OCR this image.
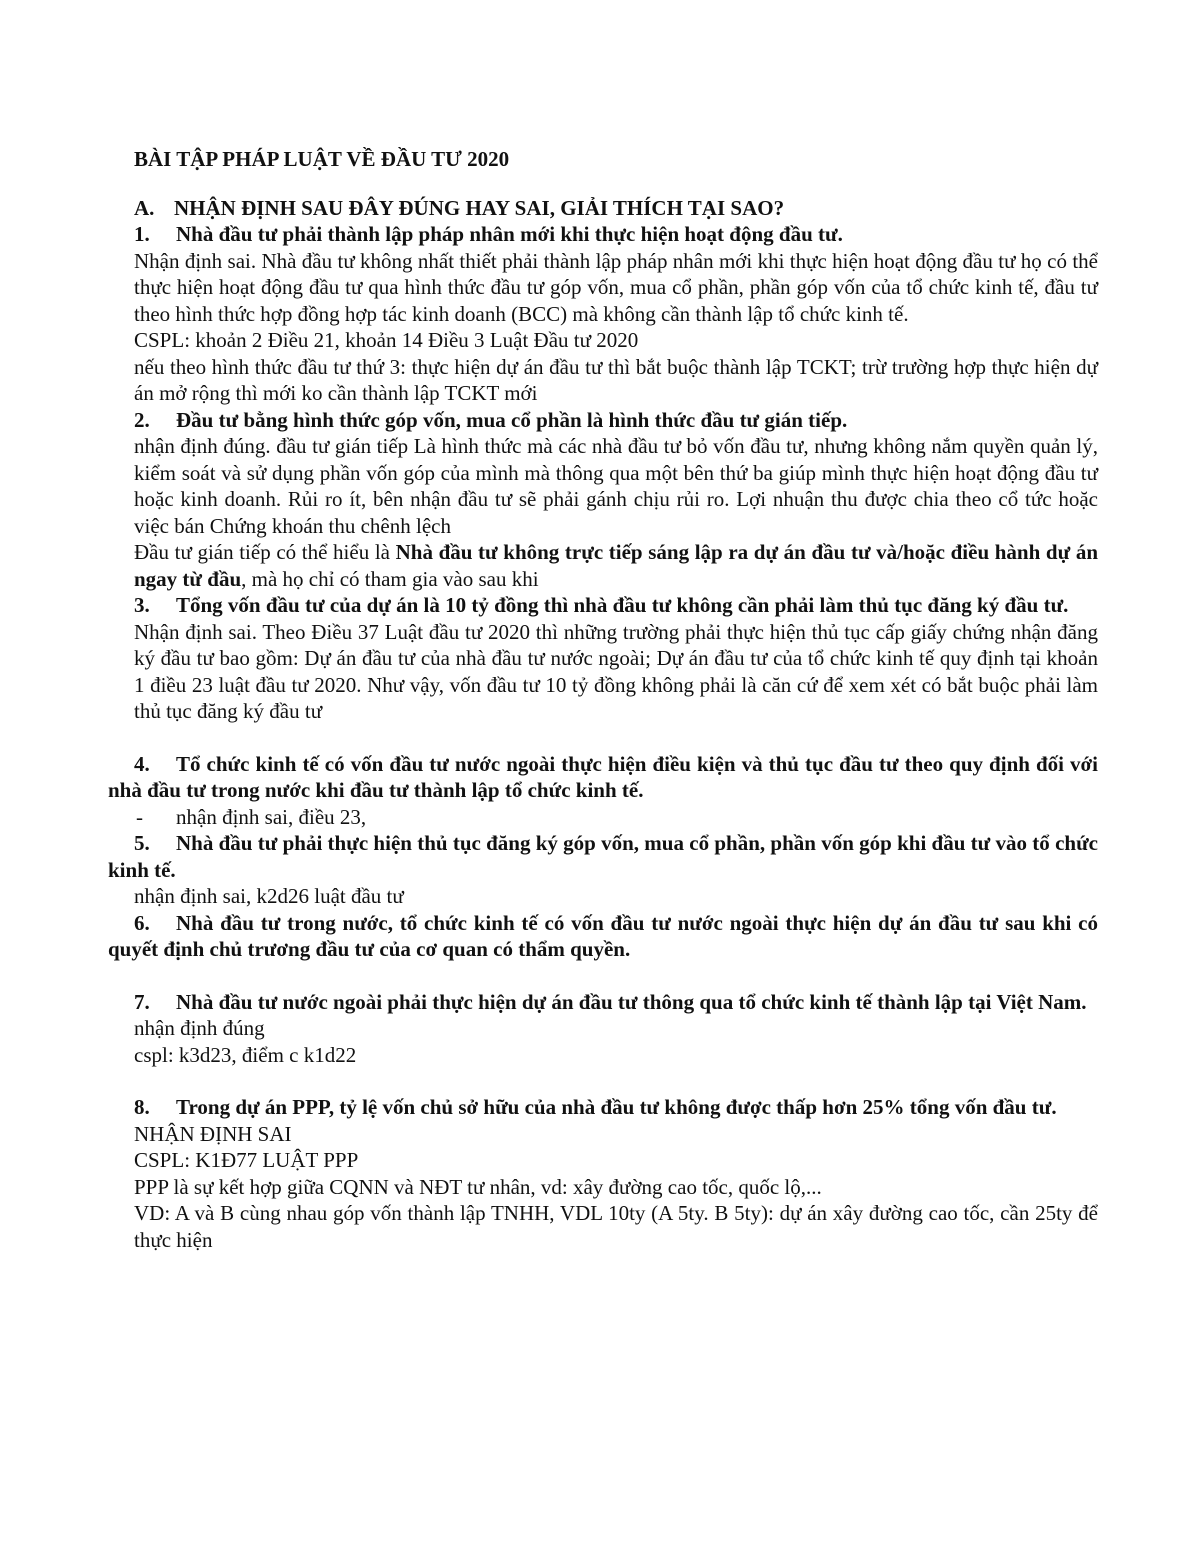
BÀI TẬP PHÁP LUẬT VỀ ĐẦU TƯ 2020

A. NHẬN ĐỊNH SAU ĐÂY ĐÚNG HAY SAI, GIẢI THÍCH TẠI SAO?

1. Nhà đầu tư phải thành lập pháp nhân mới khi thực hiện hoạt động đầu tư.

Nhận định sai. Nhà đầu tư không nhất thiết phải thành lập pháp nhân mới khi thực hiện hoạt động đầu tư họ có thể thực hiện hoạt động đầu tư qua hình thức đầu tư góp vốn, mua cổ phần, phần góp vốn của tổ chức kinh tế, đầu tư theo hình thức hợp đồng hợp tác kinh doanh (BCC) mà không cần thành lập tổ chức kinh tế.

CSPL: khoản 2 Điều 21, khoản 14 Điều 3 Luật Đầu tư 2020

nếu theo hình thức đầu tư thứ 3: thực hiện dự án đầu tư thì bắt buộc thành lập TCKT; trừ trường hợp thực hiện dự án mở rộng thì mới ko cần thành lập TCKT mới

2. Đầu tư bằng hình thức góp vốn, mua cổ phần là hình thức đầu tư gián tiếp.

nhận định đúng. đầu tư gián tiếp Là hình thức mà các nhà đầu tư bỏ vốn đầu tư, nhưng không nắm quyền quản lý, kiểm soát và sử dụng phần vốn góp của mình mà thông qua một bên thứ ba giúp mình thực hiện hoạt động đầu tư hoặc kinh doanh. Rủi ro ít, bên nhận đầu tư sẽ phải gánh chịu rủi ro. Lợi nhuận thu được chia theo cổ tức hoặc việc bán Chứng khoán thu chênh lệch

Đầu tư gián tiếp có thể hiểu là Nhà đầu tư không trực tiếp sáng lập ra dự án đầu tư và/hoặc điều hành dự án ngay từ đầu, mà họ chỉ có tham gia vào sau khi

3. Tổng vốn đầu tư của dự án là 10 tỷ đồng thì nhà đầu tư không cần phải làm thủ tục đăng ký đầu tư.

Nhận định sai. Theo Điều 37 Luật đầu tư 2020 thì những trường phải thực hiện thủ tục cấp giấy chứng nhận đăng ký đầu tư bao gồm: Dự án đầu tư của nhà đầu tư nước ngoài; Dự án đầu tư của tổ chức kinh tế quy định tại khoản 1 điều 23 luật đầu tư 2020. Như vậy, vốn đầu tư 10 tỷ đồng không phải là căn cứ để xem xét có bắt buộc phải làm thủ tục đăng ký đầu tư

4. Tổ chức kinh tế có vốn đầu tư nước ngoài thực hiện điều kiện và thủ tục đầu tư theo quy định đối với nhà đầu tư trong nước khi đầu tư thành lập tổ chức kinh tế.

- nhận định sai, điều 23,

5. Nhà đầu tư phải thực hiện thủ tục đăng ký góp vốn, mua cổ phần, phần vốn góp khi đầu tư vào tổ chức kinh tế.

nhận định sai, k2d26 luật đầu tư

6. Nhà đầu tư trong nước, tổ chức kinh tế có vốn đầu tư nước ngoài thực hiện dự án đầu tư sau khi có quyết định chủ trương đầu tư của cơ quan có thẩm quyền.

7. Nhà đầu tư nước ngoài phải thực hiện dự án đầu tư thông qua tổ chức kinh tế thành lập tại Việt Nam.

nhận định đúng

cspl: k3d23, điểm c k1d22

8. Trong dự án PPP, tỷ lệ vốn chủ sở hữu của nhà đầu tư không được thấp hơn 25% tổng vốn đầu tư.

NHẬN ĐỊNH SAI

CSPL: K1Đ77 LUẬT PPP

PPP là sự kết hợp giữa CQNN và NĐT tư nhân, vd: xây đường cao tốc, quốc lộ,...

VD: A và B cùng nhau góp vốn thành lập TNHH, VDL 10ty (A 5ty. B 5ty): dự án xây đường cao tốc, cần 25ty để thực hiện
